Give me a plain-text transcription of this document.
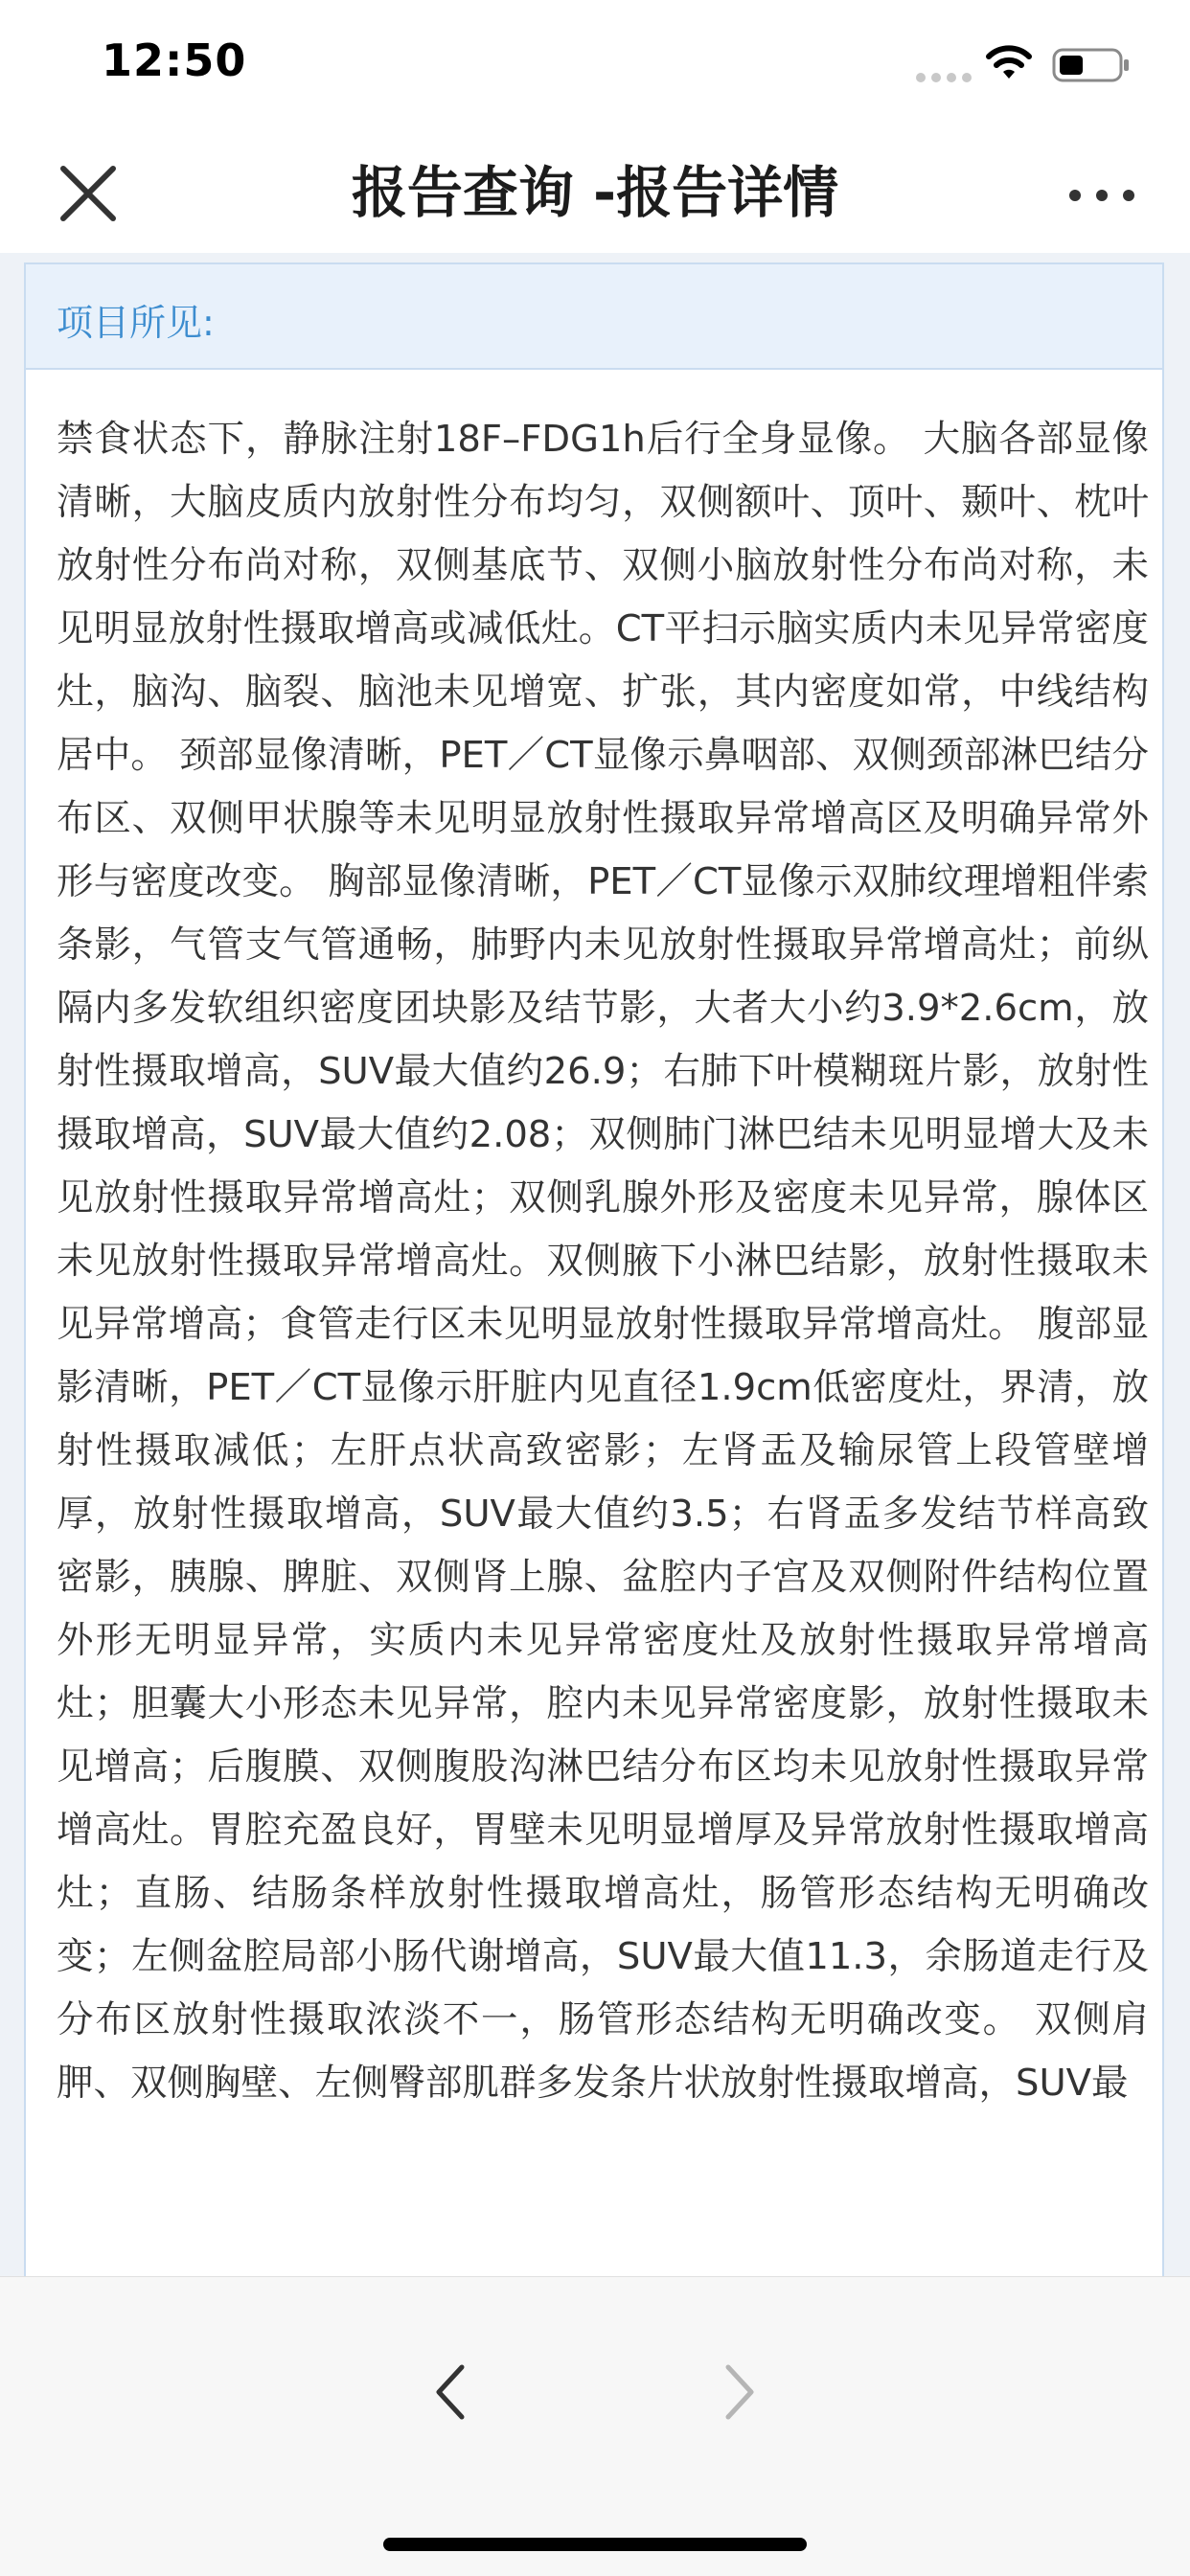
12:50
报告查询 -报告详情
项目所见:
禁食状态下，静脉注射18F–FDG1h后行全身显像。 大脑各部显像清晰，大脑皮质内放射性分布均匀，双侧额叶、顶叶、颞叶、枕叶放射性分布尚对称，双侧基底节、双侧小脑放射性分布尚对称，未见明显放射性摄取增高或减低灶。CT平扫示脑实质内未见异常密度灶，脑沟、脑裂、脑池未见增宽、扩张，其内密度如常，中线结构居中。 颈部显像清晰，PET／CT显像示鼻咽部、双侧颈部淋巴结分布区、双侧甲状腺等未见明显放射性摄取异常增高区及明确异常外形与密度改变。 胸部显像清晰，PET／CT显像示双肺纹理增粗伴索条影，气管支气管通畅，肺野内未见放射性摄取异常增高灶；前纵隔内多发软组织密度团块影及结节影，大者大小约3.9*2.6cm，放射性摄取增高，SUV最大值约26.9；右肺下叶模糊斑片影，放射性摄取增高，SUV最大值约2.08；双侧肺门淋巴结未见明显增大及未见放射性摄取异常增高灶；双侧乳腺外形及密度未见异常，腺体区未见放射性摄取异常增高灶。双侧腋下小淋巴结影，放射性摄取未见异常增高；食管走行区未见明显放射性摄取异常增高灶。 腹部显影清晰，PET／CT显像示肝脏内见直径1.9cm低密度灶，界清，放射性摄取减低；左肝点状高致密影；左肾盂及输尿管上段管壁增厚，放射性摄取增高，SUV最大值约3.5；右肾盂多发结节样高致密影，胰腺、脾脏、双侧肾上腺、盆腔内子宫及双侧附件结构位置外形无明显异常，实质内未见异常密度灶及放射性摄取异常增高灶；胆囊大小形态未见异常，腔内未见异常密度影，放射性摄取未见增高；后腹膜、双侧腹股沟淋巴结分布区均未见放射性摄取异常增高灶。胃腔充盈良好，胃壁未见明显增厚及异常放射性摄取增高灶；直肠、结肠条样放射性摄取增高灶，肠管形态结构无明确改变；左侧盆腔局部小肠代谢增高，SUV最大值11.3，余肠道走行及分布区放射性摄取浓淡不一，肠管形态结构无明确改变。 双侧肩胛、双侧胸壁、左侧臀部肌群多发条片状放射性摄取增高，SUV最
